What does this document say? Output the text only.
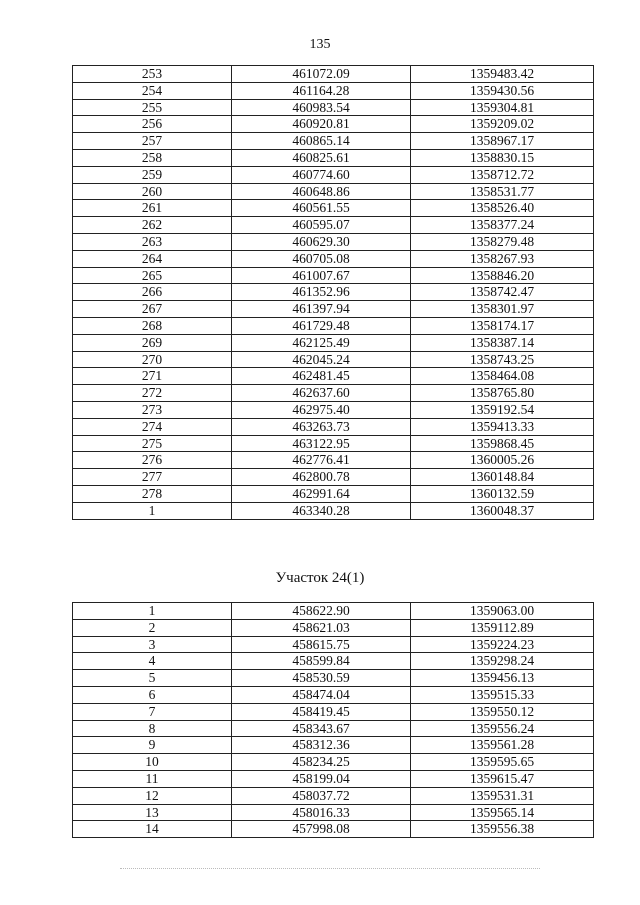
135
253	461072.09	1359483.42
254	461164.28	1359430.56
255	460983.54	1359304.81
256	460920.81	1359209.02
257	460865.14	1358967.17
258	460825.61	1358830.15
259	460774.60	1358712.72
260	460648.86	1358531.77
261	460561.55	1358526.40
262	460595.07	1358377.24
263	460629.30	1358279.48
264	460705.08	1358267.93
265	461007.67	1358846.20
266	461352.96	1358742.47
267	461397.94	1358301.97
268	461729.48	1358174.17
269	462125.49	1358387.14
270	462045.24	1358743.25
271	462481.45	1358464.08
272	462637.60	1358765.80
273	462975.40	1359192.54
274	463263.73	1359413.33
275	463122.95	1359868.45
276	462776.41	1360005.26
277	462800.78	1360148.84
278	462991.64	1360132.59
1	463340.28	1360048.37
Участок 24(1)
1	458622.90	1359063.00
2	458621.03	1359112.89
3	458615.75	1359224.23
4	458599.84	1359298.24
5	458530.59	1359456.13
6	458474.04	1359515.33
7	458419.45	1359550.12
8	458343.67	1359556.24
9	458312.36	1359561.28
10	458234.25	1359595.65
11	458199.04	1359615.47
12	458037.72	1359531.31
13	458016.33	1359565.14
14	457998.08	1359556.38
